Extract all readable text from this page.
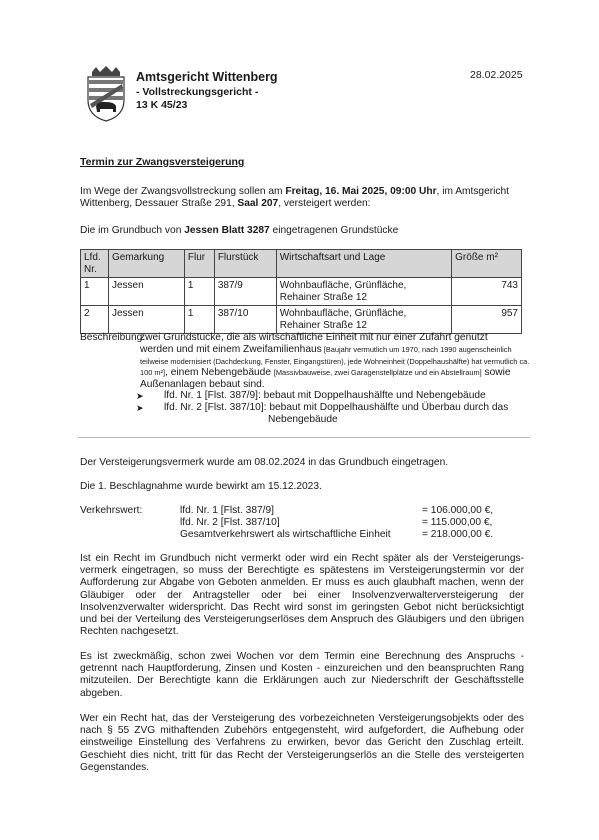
Amtsgericht Wittenberg
- Vollstreckungsgericht -
13 K 45/23
28.02.2025
Termin zur Zwangsversteigerung
Im Wege der Zwangsvollstreckung sollen am Freitag, 16. Mai 2025, 09:00 Uhr, im Amtsgericht Wittenberg, Dessauer Straße 291, Saal 207, versteigert werden:
Die im Grundbuch von Jessen Blatt 3287 eingetragenen Grundstücke
Lfd. Nr.	Gemarkung	Flur	Flurstück	Wirtschaftsart und Lage	Größe m²
1	Jessen	1	387/9	Wohnbaufläche, Grünfläche, Rehainer Straße 12	743
2	Jessen	1	387/10	Wohnbaufläche, Grünfläche, Rehainer Straße 12	957
Beschreibung:
zwei Grundstücke, die als wirtschaftliche Einheit mit nur einer Zufahrt genutzt
werden und mit einem Zweifamilienhaus [Baujahr vermutlich um 1970, nach 1990 augenscheinlich teilweise modernisiert (Dachdeckung, Fenster, Eingangstüren), jede Wohneinheit (Doppelhaushälfte) hat vermutlich ca. 100 m²], einem Nebengebäude [Massivbauweise, zwei Garagenstellplätze und ein Abstellraum] sowie Außenanlagen bebaut sind.
➤ lfd. Nr. 1 [Flst. 387/9]: bebaut mit Doppelhaushälfte und Nebengebäude
➤ lfd. Nr. 2 [Flst. 387/10]: bebaut mit Doppelhaushälfte und Überbau durch das
Nebengebäude
Der Versteigerungsvermerk wurde am 08.02.2024 in das Grundbuch eingetragen.
Die 1. Beschlagnahme wurde bewirkt am 15.12.2023.
Verkehrswert:	lfd. Nr. 1 [Flst. 387/9]	= 106.000,00 €,
lfd. Nr. 2 [Flst. 387/10]	= 115.000,00 €,
Gesamtverkehrswert als wirtschaftliche Einheit	= 218.000,00 €.
Ist ein Recht im Grundbuch nicht vermerkt oder wird ein Recht später als der Versteigerungs-vermerk eingetragen, so muss der Berechtigte es spätestens im Versteigerungstermin vor der Aufforderung zur Abgabe von Geboten anmelden. Er muss es auch glaubhaft machen, wenn der Gläubiger oder der Antragsteller oder bei einer Insolvenzverwalterversteigerung der Insolvenzverwalter widerspricht. Das Recht wird sonst im geringsten Gebot nicht berücksichtigt und bei der Verteilung des Versteigerungserlöses dem Anspruch des Gläubigers und den übrigen Rechten nachgesetzt.
Es ist zweckmäßig, schon zwei Wochen vor dem Termin eine Berechnung des Anspruchs - getrennt nach Hauptforderung, Zinsen und Kosten - einzureichen und den beanspruchten Rang mitzuteilen. Der Berechtigte kann die Erklärungen auch zur Niederschrift der Geschäftsstelle abgeben.
Wer ein Recht hat, das der Versteigerung des vorbezeichneten Versteigerungsobjekts oder des nach § 55 ZVG mithaftenden Zubehörs entgegensteht, wird aufgefordert, die Aufhebung oder einstweilige Einstellung des Verfahrens zu erwirken, bevor das Gericht den Zuschlag erteilt. Geschieht dies nicht, tritt für das Recht der Versteigerungserlös an die Stelle des versteigerten Gegenstandes.
